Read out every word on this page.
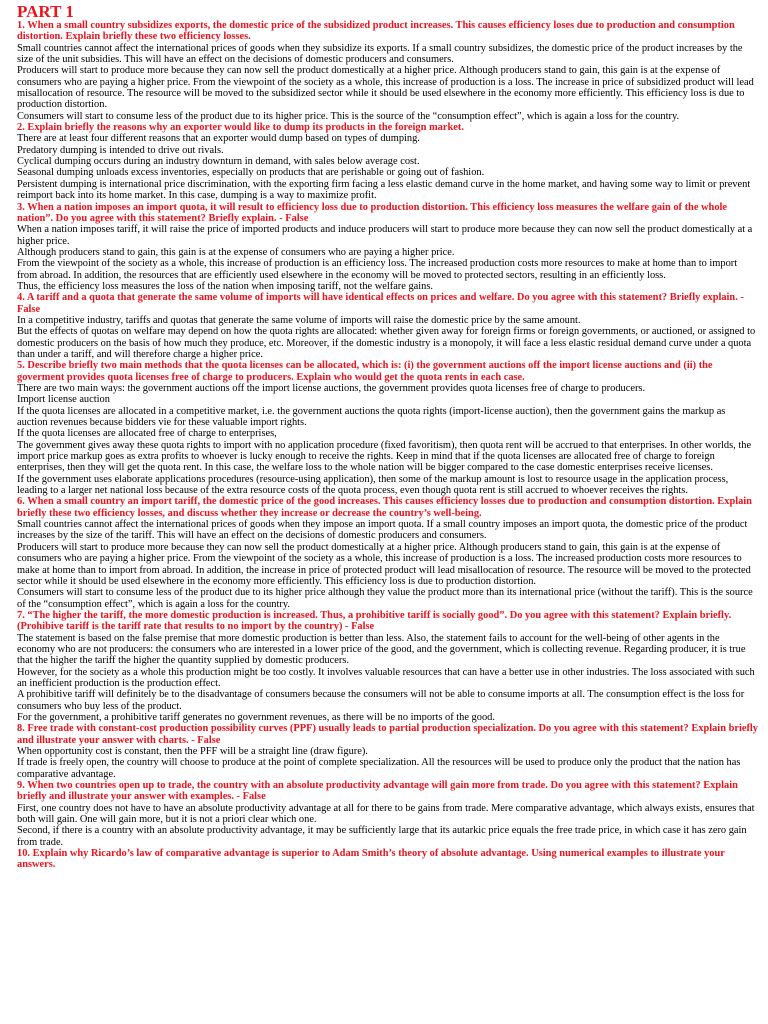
PART 1

1. When a small country subsidizes exports, the domestic price of the subsidized product increases. This causes efficiency loses due to production and consumption distortion. Explain briefly these two efficiency losses.

Small countries cannot affect the international prices of goods when they subsidize its exports. If a small country subsidizes, the domestic price of the product increases by the size of the unit subsidies. This will have an effect on the decisions of domestic producers and consumers.

Producers will start to produce more because they can now sell the product domestically at a higher price. Although producers stand to gain, this gain is at the expense of consumers who are paying a higher price. From the viewpoint of the society as a whole, this increase of production is a loss. The increase in price of subsidized product will lead misallocation of resource. The resource will be moved to the subsidized sector while it should be used elsewhere in the economy more efficiently. This efficiency loss is due to production distortion.

Consumers will start to consume less of the product due to its higher price. This is the source of the “consumption effect”, which is again a loss for the country.

2. Explain briefly the reasons why an exporter would like to dump its products in the foreign market.

There are at least four different reasons that an exporter would dump based on types of dumping.

Predatory dumping is intended to drive out rivals.

Cyclical dumping occurs during an industry downturn in demand, with sales below average cost.

Seasonal dumping unloads excess inventories, especially on products that are perishable or going out of fashion.

Persistent dumping is international price discrimination, with the exporting firm facing a less elastic demand curve in the home market, and having some way to limit or prevent reimport back into its home market. In this case, dumping is a way to maximize profit.

3. When a nation imposes an import quota, it will result to efficiency loss due to production distortion. This efficiency loss measures the welfare gain of the whole nation”. Do you agree with this statement? Briefly explain. - False

When a nation imposes tariff, it will raise the price of imported products and induce producers will start to produce more because they can now sell the product domestically at a higher price.

Although producers stand to gain, this gain is at the expense of consumers who are paying a higher price.

From the viewpoint of the society as a whole, this increase of production is an efficiency loss. The increased production costs more resources to make at home than to import from abroad. In addition, the resources that are efficiently used elsewhere in the economy will be moved to protected sectors, resulting in an efficiently loss.

Thus, the efficiency loss measures the loss of the nation when imposing tariff, not the welfare gains.

4. A tariff and a quota that generate the same volume of imports will have identical effects on prices and welfare. Do you agree with this statement? Briefly explain. - False

In a competitive industry, tariffs and quotas that generate the same volume of imports will raise the domestic price by the same amount.

But the effects of quotas on welfare may depend on how the quota rights are allocated: whether given away for foreign firms or foreign governments, or auctioned, or assigned to domestic producers on the basis of how much they produce, etc. Moreover, if the domestic industry is a monopoly, it will face a less elastic residual demand curve under a quota than under a tariff, and will therefore charge a higher price.

5. Describe briefly two main methods that the quota licenses can be allocated, which is: (i) the government auctions off the import license auctions and (ii) the goverment provides quota licenses free of charge to producers. Explain who would get the quota rents in each case.

There are two main ways: the government auctions off the import license auctions, the government provides quota licenses free of charge to producers.

Import license auction

If the quota licenses are allocated in a competitive market, i.e. the government auctions the quota rights (import-license auction), then the government gains the markup as auction revenues because bidders vie for these valuable import rights.

If the quota licenses are allocated free of charge to enterprises,

The government gives away these quota rights to import with no application procedure (fixed favoritism), then quota rent will be accrued to that enterprises. In other worlds, the import price markup goes as extra profits to whoever is lucky enough to receive the rights. Keep in mind that if the quota licenses are allocated free of charge to foreign enterprises, then they will get the quota rent. In this case, the welfare loss to the whole nation will be bigger compared to the case domestic enterprises receive licenses.

If the government uses elaborate applications procedures (resource-using application), then some of the markup amount is lost to resource usage in the application process, leading to a larger net national loss because of the extra resource costs of the quota process, even though quota rent is still accrued to whoever receives the rights.

6. When a small country an import tariff, the domestic price of the good increases. This causes efficiency losses due to production and consumption distortion. Explain briefly these two efficiency losses, and discuss whether they increase or decrease the country’s well-being.

Small countries cannot affect the international prices of goods when they impose an import quota. If a small country imposes an import quota, the domestic price of the product increases by the size of the tariff. This will have an effect on the decisions of domestic producers and consumers.

Producers will start to produce more because they can now sell the product domestically at a higher price. Although producers stand to gain, this gain is at the expense of consumers who are paying a higher price. From the viewpoint of the society as a whole, this increase of production is a loss. The increased production costs more resources to make at home than to import from abroad. In addition, the increase in price of protected product will lead misallocation of resource. The resource will be moved to the protected sector while it should be used elsewhere in the economy more efficiently. This efficiency loss is due to production distortion.

Consumers will start to consume less of the product due to its higher price although they value the product more than its international price (without the tariff). This is the source of the “consumption effect”, which is again a loss for the country.

7. “The higher the tariff, the more domestic production is increased. Thus, a prohibitive tariff is socially good”. Do you agree with this statement? Explain briefly. (Prohibive tariff is the tariff rate that results to no import by the country) - False

The statement is based on the false premise that more domestic production is better than less. Also, the statement fails to account for the well-being of other agents in the economy who are not producers: the consumers who are interested in a lower price of the good, and the government, which is collecting revenue. Regarding producer, it is true that the higher the tariff the higher the quantity supplied by domestic producers.

However, for the society as a whole this production might be too costly. It involves valuable resources that can have a better use in other industries. The loss associated with such an inefficient production is the production effect.

A prohibitive tariff will definitely be to the disadvantage of consumers because the consumers will not be able to consume imports at all. The consumption effect is the loss for consumers who buy less of the product.

For the government, a prohibitive tariff generates no government revenues, as there will be no imports of the good.

8. Free trade with constant-cost production possibility curves (PPF) usually leads to partial production specialization. Do you agree with this statement? Explain briefly and illustrate your answer with charts. - False

When opportunity cost is constant, then the PFF will be a straight line (draw figure).

If trade is freely open, the country will choose to produce at the point of complete specialization. All the resources will be used to produce only the product that the nation has comparative advantage.

9. When two countries open up to trade, the country with an absolute productivity advantage will gain more from trade. Do you agree with this statement? Explain briefly and illustrate your answer with examples. - False

First, one country does not have to have an absolute productivity advantage at all for there to be gains from trade. Mere comparative advantage, which always exists, ensures that both will gain. One will gain more, but it is not a priori clear which one.

Second, if there is a country with an absolute productivity advantage, it may be sufficiently large that its autarkic price equals the free trade price, in which case it has zero gain from trade.

10. Explain why Ricardo’s law of comparative advantage is superior to Adam Smith’s theory of absolute advantage. Using numerical examples to illustrate your answers.
